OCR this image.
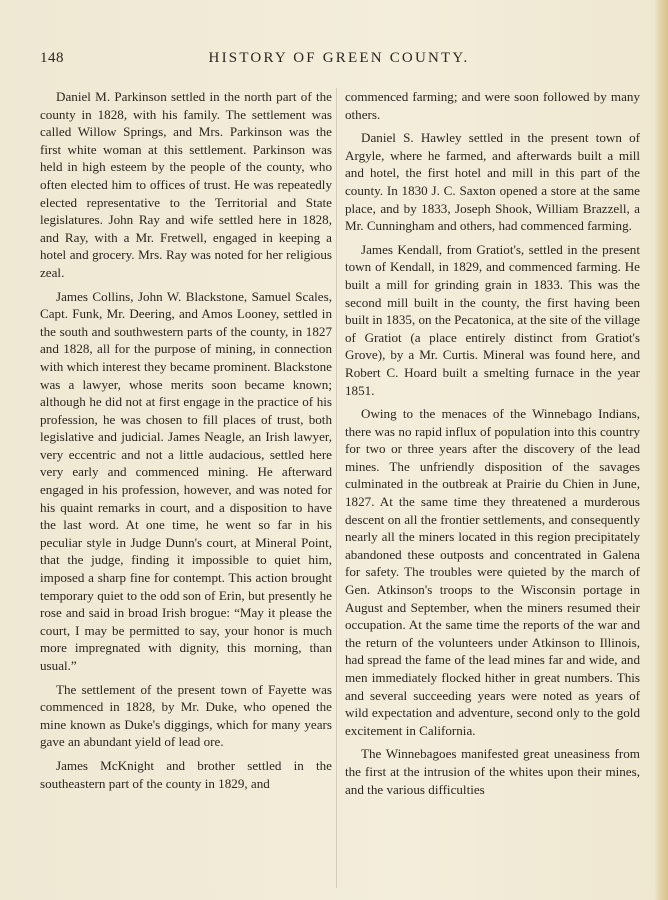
148	HISTORY OF GREEN COUNTY.

Daniel M. Parkinson settled in the north part of the county in 1828, with his family. The settlement was called Willow Springs, and Mrs. Parkinson was the first white woman at this settlement. Parkinson was held in high esteem by the people of the county, who often elected him to offices of trust. He was repeatedly elected representative to the Territorial and State legislatures. John Ray and wife settled here in 1828, and Ray, with a Mr. Fretwell, engaged in keeping a hotel and grocery. Mrs. Ray was noted for her religious zeal.

James Collins, John W. Blackstone, Samuel Scales, Capt. Funk, Mr. Deering, and Amos Looney, settled in the south and southwestern parts of the county, in 1827 and 1828, all for the purpose of mining, in connection with which interest they became prominent. Blackstone was a lawyer, whose merits soon became known; although he did not at first engage in the practice of his profession, he was chosen to fill places of trust, both legislative and judicial. James Neagle, an Irish lawyer, very eccentric and not a little audacious, settled here very early and commenced mining. He afterward engaged in his profession, however, and was noted for his quaint remarks in court, and a disposition to have the last word. At one time, he went so far in his peculiar style in Judge Dunn's court, at Mineral Point, that the judge, finding it impossible to quiet him, imposed a sharp fine for contempt. This action brought temporary quiet to the odd son of Erin, but presently he rose and said in broad Irish brogue: “May it please the court, I may be permitted to say, your honor is much more impregnated with dignity, this morning, than usual.”

The settlement of the present town of Fayette was commenced in 1828, by Mr. Duke, who opened the mine known as Duke's diggings, which for many years gave an abundant yield of lead ore.

James McKnight and brother settled in the southeastern part of the county in 1829, and

commenced farming; and were soon followed by many others.

Daniel S. Hawley settled in the present town of Argyle, where he farmed, and afterwards built a mill and hotel, the first hotel and mill in this part of the county. In 1830 J. C. Saxton opened a store at the same place, and by 1833, Joseph Shook, William Brazzell, a Mr. Cunningham and others, had commenced farming.

James Kendall, from Gratiot's, settled in the present town of Kendall, in 1829, and commenced farming. He built a mill for grinding grain in 1833. This was the second mill built in the county, the first having been built in 1835, on the Pecatonica, at the site of the village of Gratiot (a place entirely distinct from Gratiot's Grove), by a Mr. Curtis. Mineral was found here, and Robert C. Hoard built a smelting furnace in the year 1851.

Owing to the menaces of the Winnebago Indians, there was no rapid influx of population into this country for two or three years after the discovery of the lead mines. The unfriendly disposition of the savages culminated in the outbreak at Prairie du Chien in June, 1827. At the same time they threatened a murderous descent on all the frontier settlements, and consequently nearly all the miners located in this region precipitately abandoned these outposts and concentrated in Galena for safety. The troubles were quieted by the march of Gen. Atkinson's troops to the Wisconsin portage in August and September, when the miners resumed their occupation. At the same time the reports of the war and the return of the volunteers under Atkinson to Illinois, had spread the fame of the lead mines far and wide, and men immediately flocked hither in great numbers. This and several succeeding years were noted as years of wild expectation and adventure, second only to the gold excitement in California.

The Winnebagoes manifested great uneasiness from the first at the intrusion of the whites upon their mines, and the various difficulties
